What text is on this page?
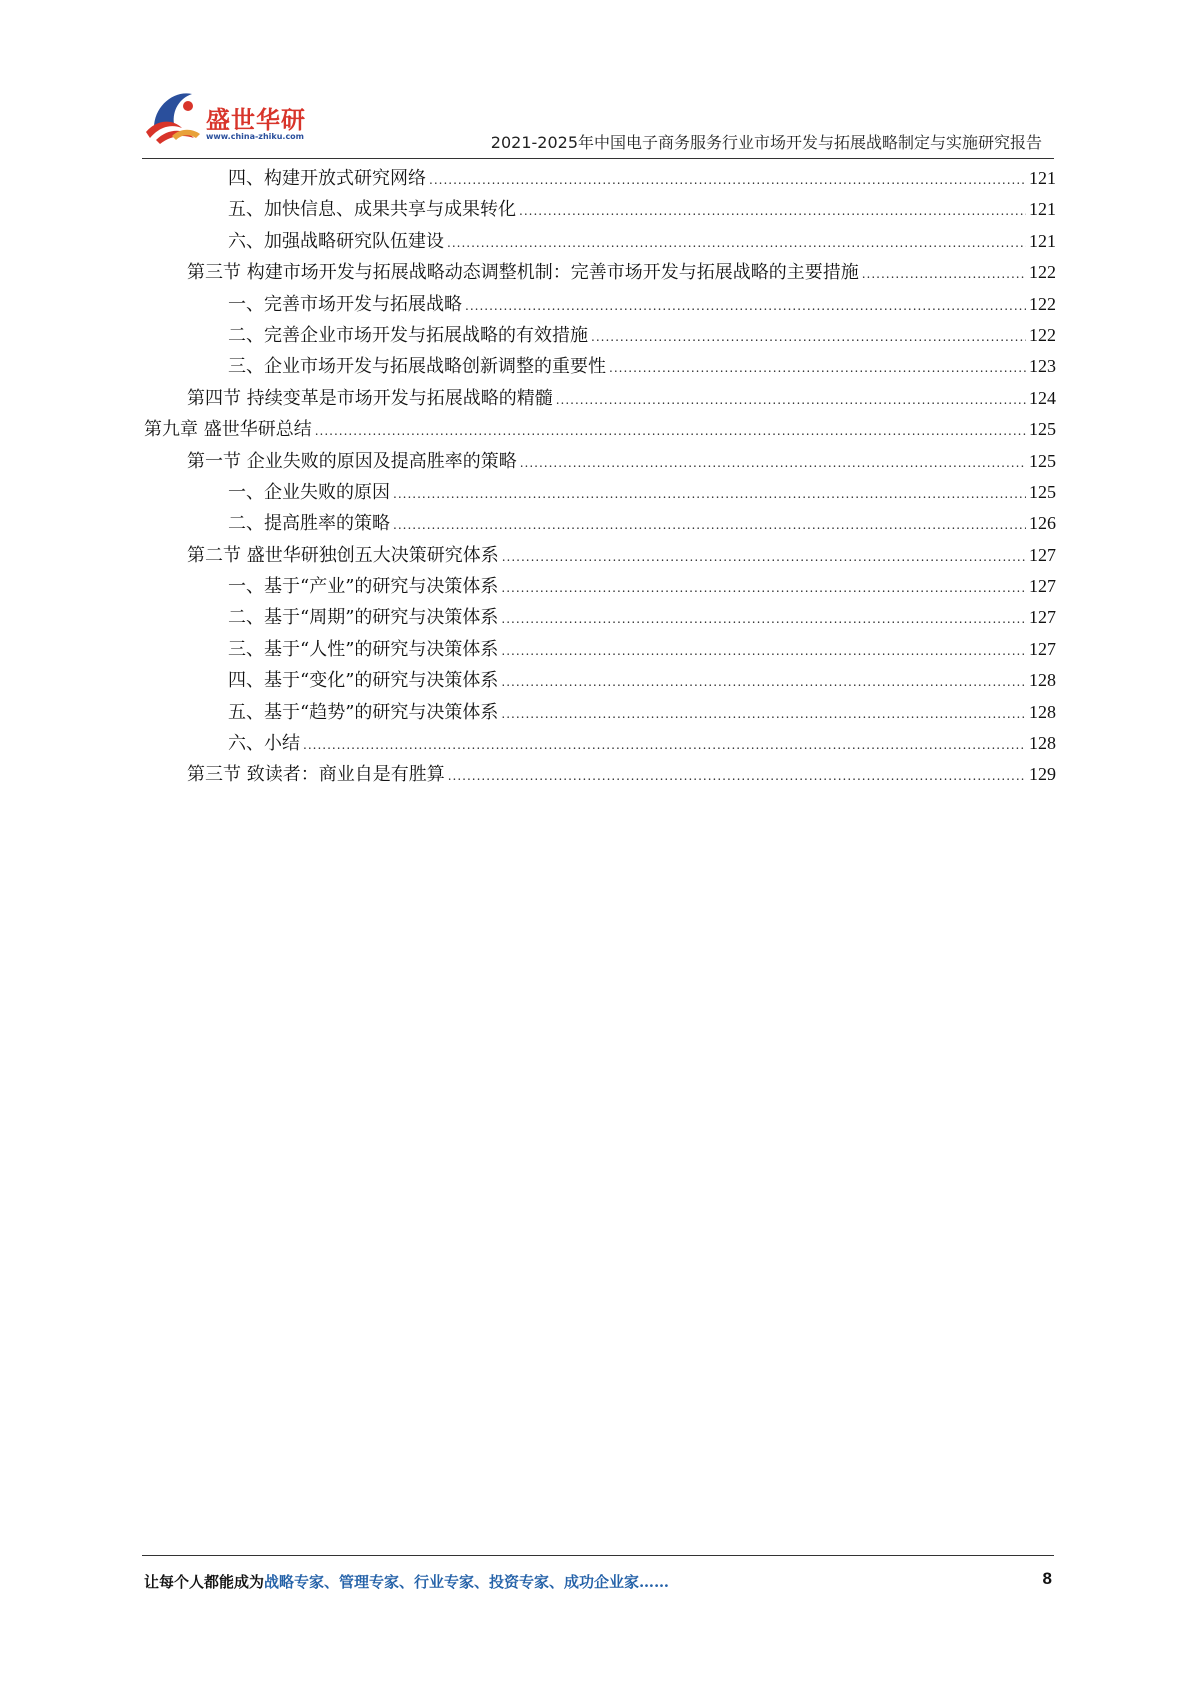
盛世华研
www.china-zhiku.com	2021-2025年中国电子商务服务行业市场开发与拓展战略制定与实施研究报告
四、构建开放式研究网络 .....	121
五、加快信息、成果共享与成果转化 .....	121
六、加强战略研究队伍建设 .....	121
第三节 构建市场开发与拓展战略动态调整机制：完善市场开发与拓展战略的主要措施 .....	122
一、完善市场开发与拓展战略 .....	122
二、完善企业市场开发与拓展战略的有效措施 .....	122
三、企业市场开发与拓展战略创新调整的重要性 .....	123
第四节 持续变革是市场开发与拓展战略的精髓 .....	124
第九章 盛世华研总结 .....	125
第一节 企业失败的原因及提高胜率的策略 .....	125
一、企业失败的原因 .....	125
二、提高胜率的策略 .....	126
第二节 盛世华研独创五大决策研究体系 .....	127
一、基于“产业”的研究与决策体系 .....	127
二、基于“周期”的研究与决策体系 .....	127
三、基于“人性”的研究与决策体系 .....	127
四、基于“变化”的研究与决策体系 .....	128
五、基于“趋势”的研究与决策体系 .....	128
六、小结 .....	128
第三节 致读者：商业自是有胜算 .....	129
让每个人都能成为战略专家、管理专家、行业专家、投资专家、成功企业家……	8
